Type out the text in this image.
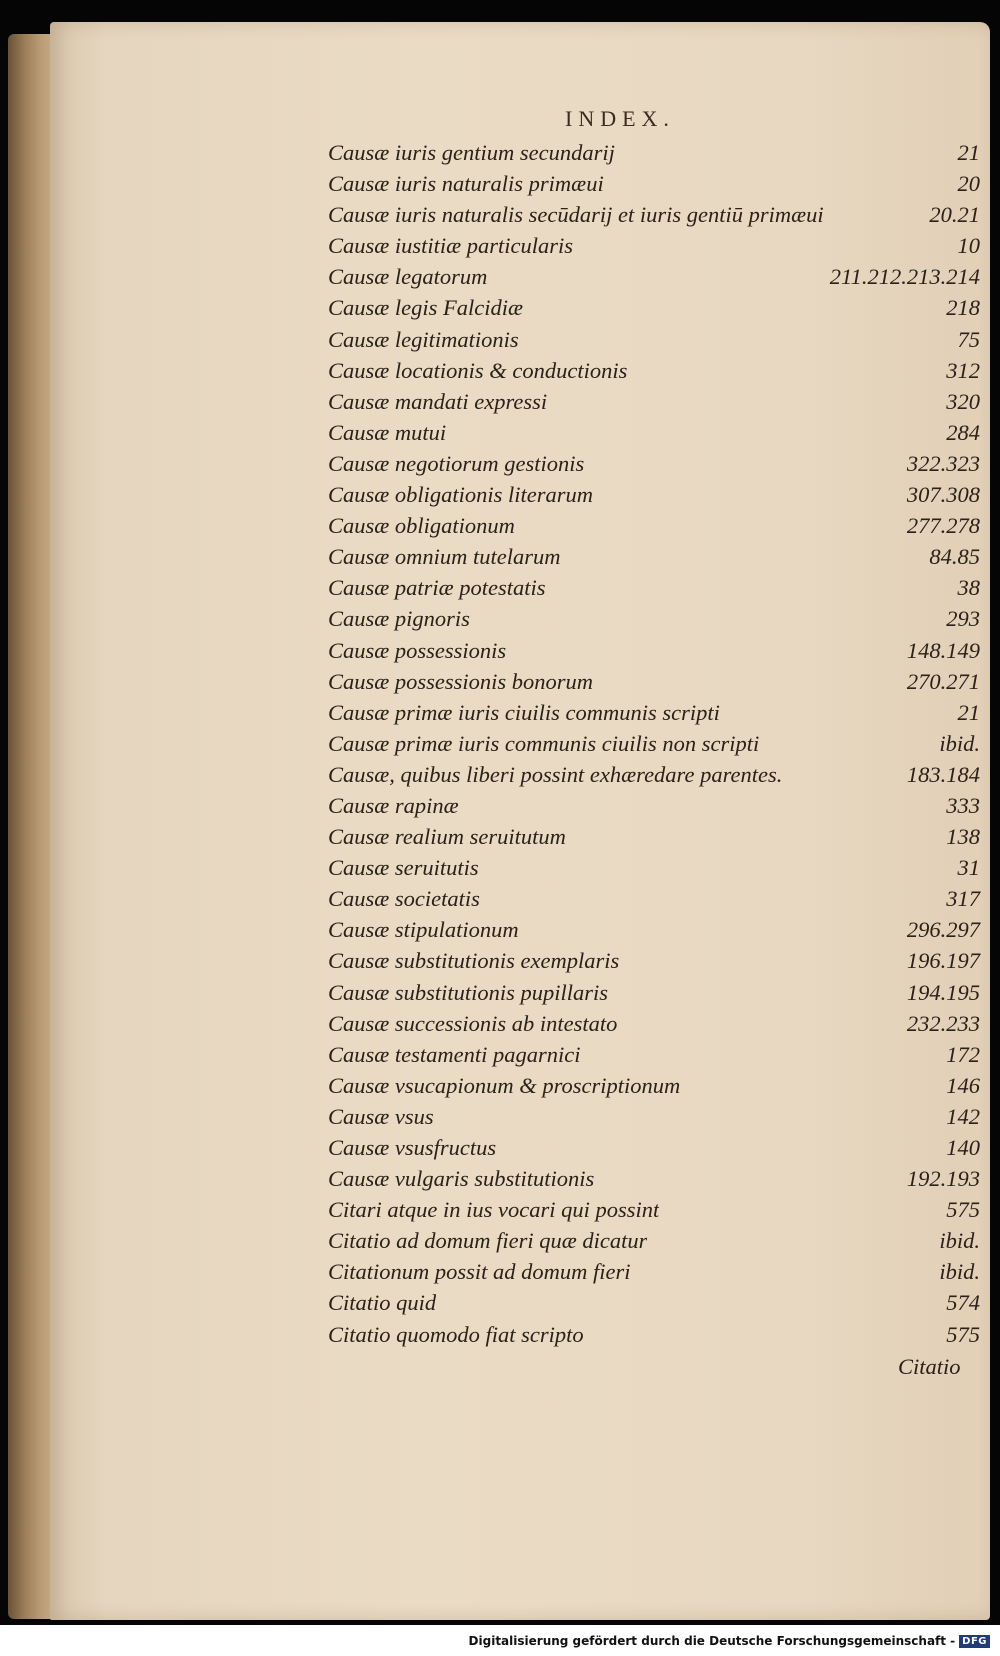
INDEX.
Causæ iuris gentium secundarij	21
Causæ iuris naturalis primæui	20
Causæ iuris naturalis secūdarij et iuris gentiū primæui	20.21
Causæ iustitiæ particularis	10
Causæ legatorum	211.212.213.214
Causæ legis Falcidiæ	218
Causæ legitimationis	75
Causæ locationis & conductionis	312
Causæ mandati expressi	320
Causæ mutui	284
Causæ negotiorum gestionis	322.323
Causæ obligationis literarum	307.308
Causæ obligationum	277.278
Causæ omnium tutelarum	84.85
Causæ patriæ potestatis	38
Causæ pignoris	293
Causæ possessionis	148.149
Causæ possessionis bonorum	270.271
Causæ primæ iuris ciuilis communis scripti	21
Causæ primæ iuris communis ciuilis non scripti	ibid.
Causæ, quibus liberi possint exhæredare parentes.	183.184
Causæ rapinæ	333
Causæ realium seruitutum	138
Causæ seruitutis	31
Causæ societatis	317
Causæ stipulationum	296.297
Causæ substitutionis exemplaris	196.197
Causæ substitutionis pupillaris	194.195
Causæ successionis ab intestato	232.233
Causæ testamenti pagarnici	172
Causæ vsucapionum & proscriptionum	146
Causæ vsus	142
Causæ vsusfructus	140
Causæ vulgaris substitutionis	192.193
Citari atque in ius vocari qui possint	575
Citatio ad domum fieri quæ dicatur	ibid.
Citationum possit ad domum fieri	ibid.
Citatio quid	574
Citatio quomodo fiat scripto	575
Citatio
Digitalisierung gefördert durch die Deutsche Forschungsgemeinschaft - DFG
